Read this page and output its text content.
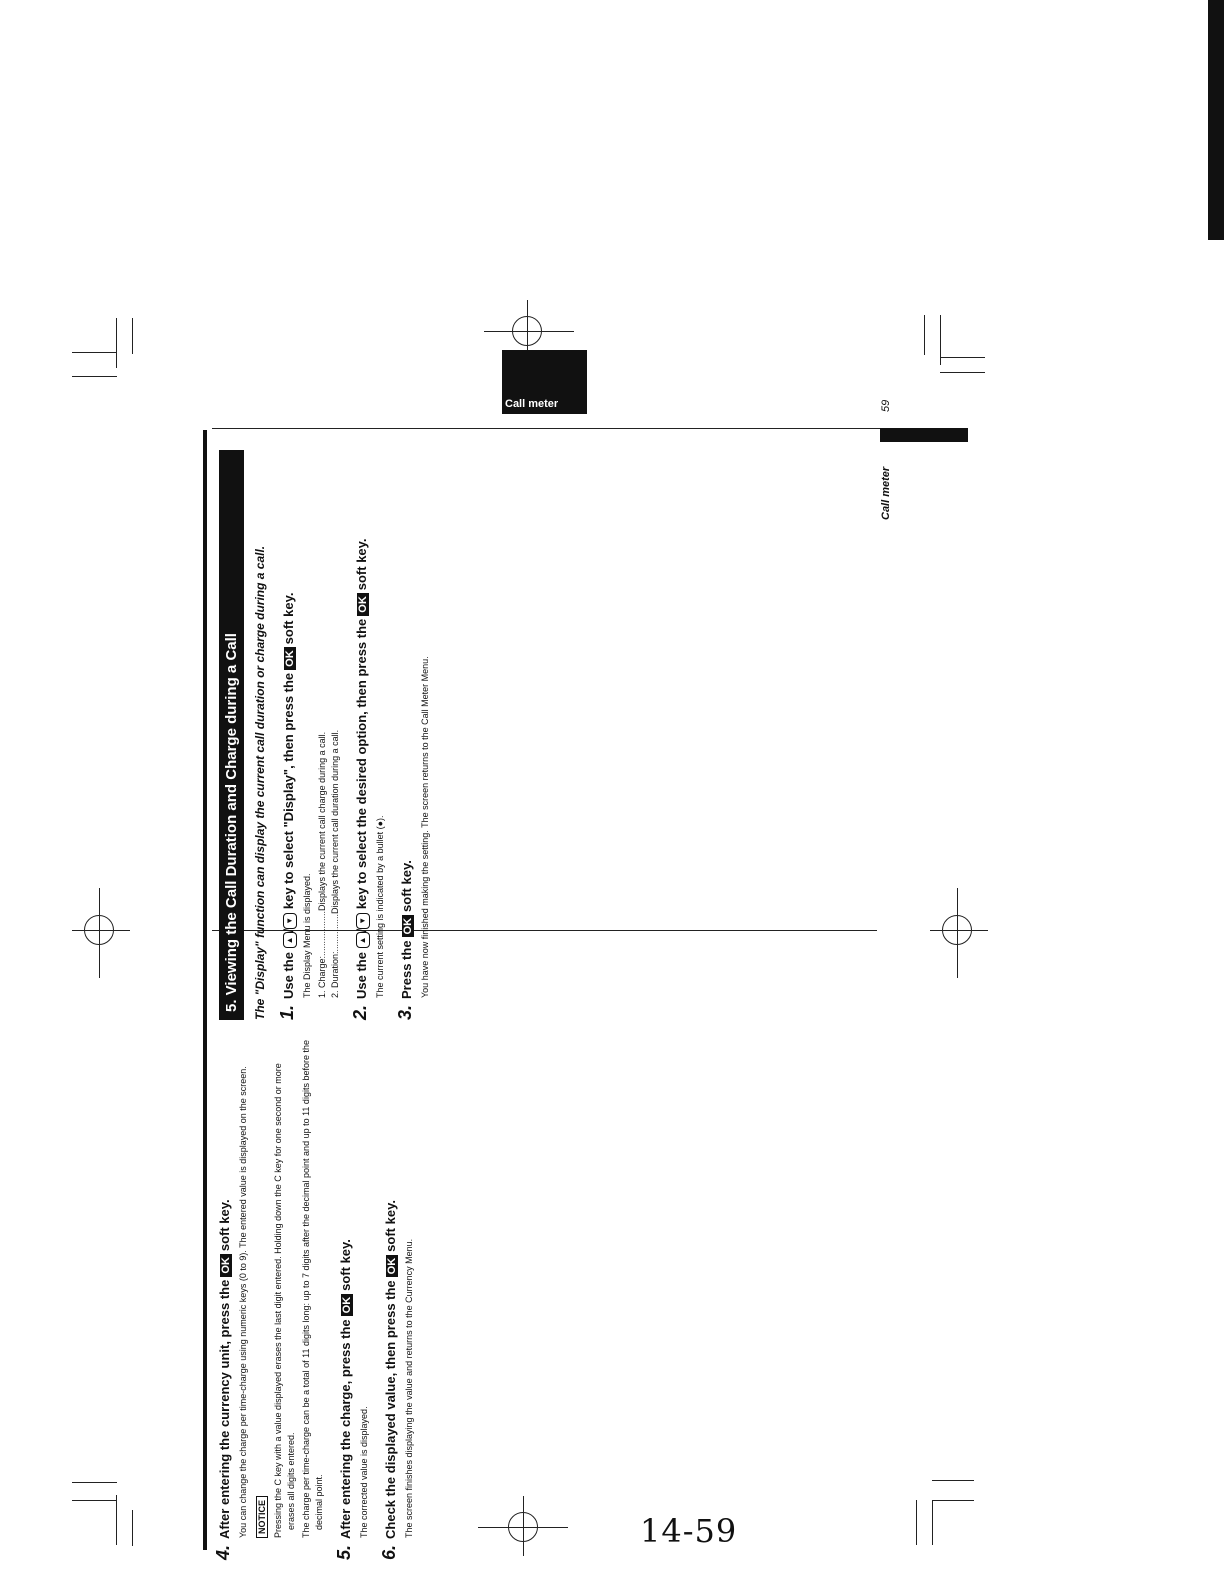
Call meter
Call meter
59
4.After entering the currency unit, press theOKsoft key. You can change the charge per time-charge using numeric keys (0 to 9). The entered value is displayed on the screen. NOTICE Pressing the C key with a value displayed erases the last digit entered. Holding down the C key for one second or more erases all digits entered. The charge per time-charge can be a total of 11 digits long: up to 7 digits after the decimal point and up to 11 digits before the decimal point.
5.After entering the charge, press theOKsoft key.
The corrected value is displayed.
6.Check the displayed value, then press theOKsoft key.
The screen finishes displaying the value and returns to the Currency Menu.
5. Viewing the Call Duration and Charge during a Call	The "Display" function can display the current call duration or charge during a call. 1.Use the ▲/▼ key to select "Display", then press theOKsoft key.
The Display Menu is displayed. 1. Charge:..................Displays the current call charge during a call. 2. Duration:...............Displays the current call duration during a call.
2.Use the ▲/▼ key to select the desired option, then press theOKsoft key.
The current setting is indicated by a bullet (●).
3.Press theOKsoft key. You have now finished making the setting. The screen returns to the Call Meter Menu.
14-59
